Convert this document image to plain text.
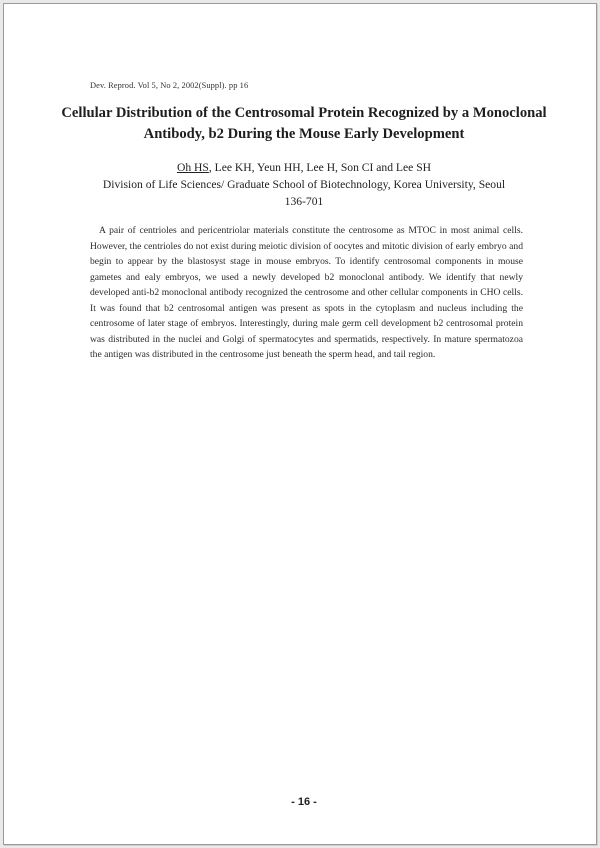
Dev. Reprod. Vol 5, No 2, 2002(Suppl). pp 16
Cellular Distribution of the Centrosomal Protein Recognized by a Monoclonal Antibody, b2 During the Mouse Early Development
Oh HS, Lee KH, Yeun HH, Lee H, Son CI and Lee SH
Division of Life Sciences/ Graduate School of Biotechnology, Korea University, Seoul
136-701

A pair of centrioles and pericentriolar materials constitute the centrosome as MTOC in most animal cells. However, the centrioles do not exist during meiotic division of oocytes and mitotic division of early embryo and begin to appear by the blastosyst stage in mouse embryos. To identify centrosomal components in mouse gametes and ealy embryos, we used a newly developed b2 monoclonal antibody. We identify that newly developed anti-b2 monoclonal antibody recognized the centrosome and other cellular components in CHO cells. It was found that b2 centrosomal antigen was present as spots in the cytoplasm and nucleus including the centrosome of later stage of embryos. Interestingly, during male germ cell development b2 centrosomal protein was distributed in the nuclei and Golgi of spermatocytes and spermatids, respectively. In mature spermatozoa the antigen was distributed in the centrosome just beneath the sperm head, and tail region.

- 16 -
